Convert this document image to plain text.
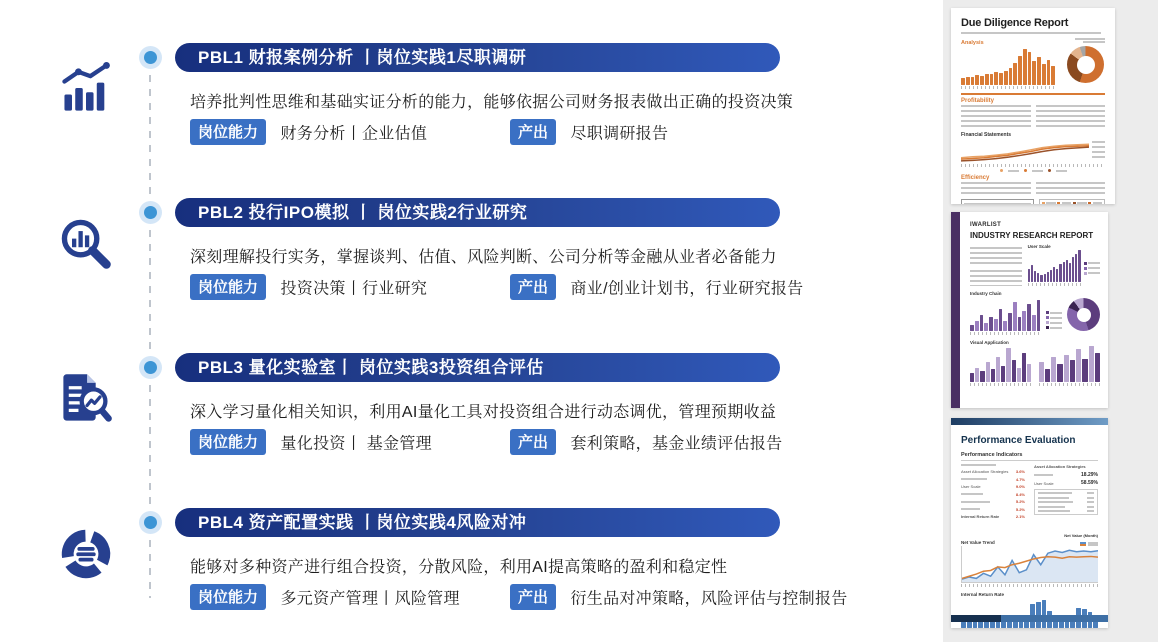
PBL1 财报案例分析 丨岗位实践1尽职调研
培养批判性思维和基础实证分析的能力，能够依据公司财务报表做出正确的投资决策
岗位能力 财务分析丨企业估值	产出 尽职调研报告
PBL2 投行IPO模拟 丨 岗位实践2行业研究
深刻理解投行实务，掌握谈判、估值、风险判断、公司分析等金融从业者必备能力
岗位能力 投资决策丨行业研究	产出 商业/创业计划书，行业研究报告
PBL3 量化实验室丨 岗位实践3投资组合评估
深入学习量化相关知识，利用AI量化工具对投资组合进行动态调优，管理预期收益
岗位能力 量化投资丨 基金管理	产出 套利策略，基金业绩评估报告
PBL4 资产配置实践 丨岗位实践4风险对冲
能够对多种资产进行组合投资，分散风险，利用AI提高策略的盈利和稳定性
岗位能力 多元资产管理丨风险管理	产出 衍生品对冲策略，风险评估与控制报告
Due Diligence Report
Analysis
Profitability
Financial Statements
Efficiency
IWARLIST
INDUSTRY RESEARCH REPORT
User Scale
Industry Chain
Visual Application
Performance Evaluation
Performance Indicators
Asset Allocation Strategies 3.6%
4.7%
User Scale	9.0%
8.4%
5.2%
5.2%
Internal Return Rate	2.1%
Asset Allocation Strategies
18.29%
User Scale	58.59%
Net Value Trend
Net Value (Month)
Internal Return Rate
